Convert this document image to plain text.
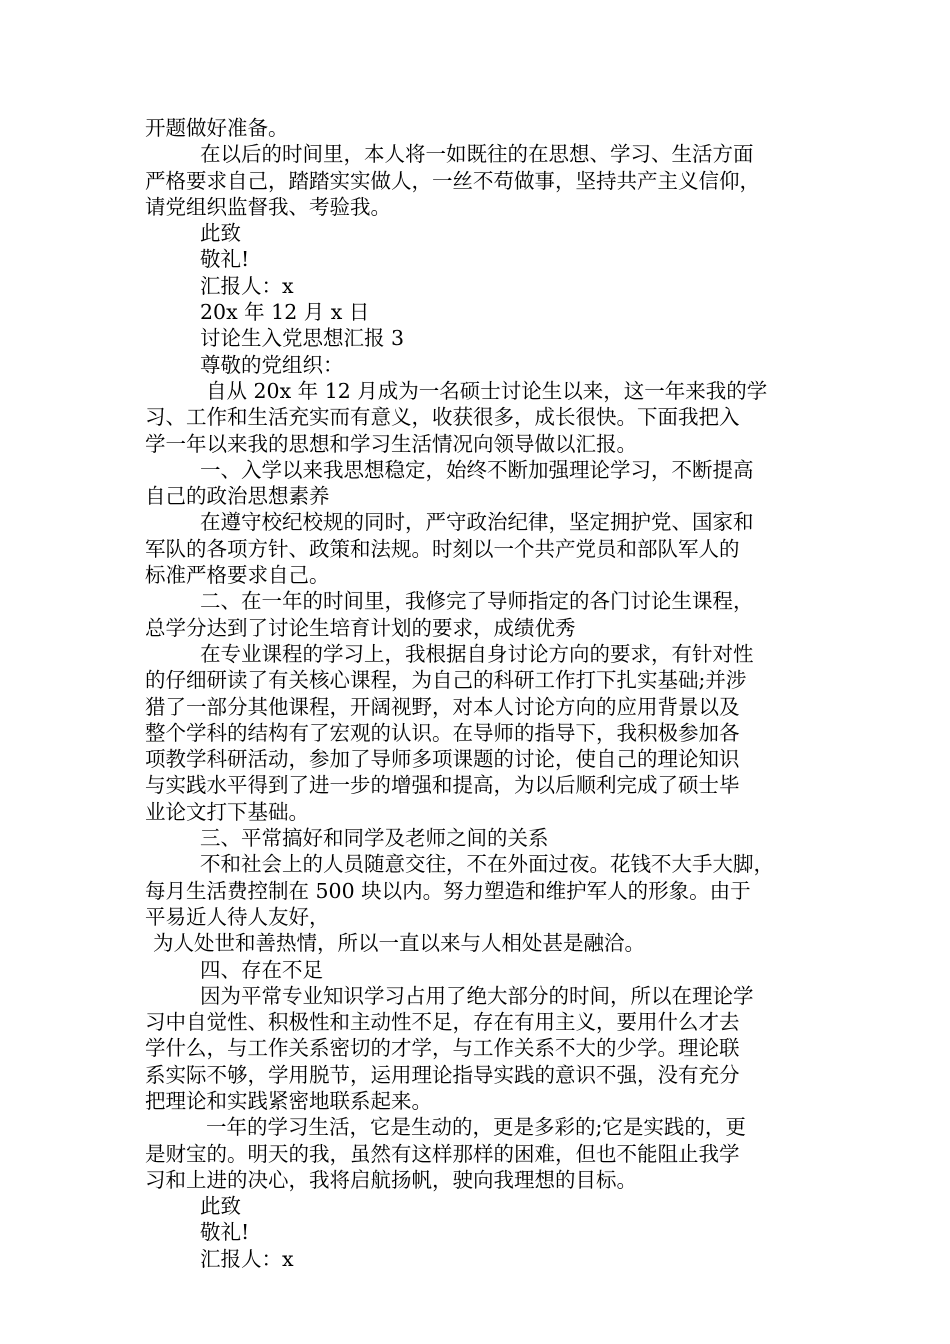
开题做好准备。
在以后的时间里，本人将一如既往的在思想、学习、生活方面
严格要求自己，踏踏实实做人，一丝不苟做事，坚持共产主义信仰，
请党组织监督我、考验我。
此致
敬礼!
汇报人：x
20x 年 12 月 x 日
讨论生入党思想汇报 3
尊敬的党组织：
自从 20x 年 12 月成为一名硕士讨论生以来，这一年来我的学
习、工作和生活充实而有意义，收获很多，成长很快。下面我把入
学一年以来我的思想和学习生活情况向领导做以汇报。
一、入学以来我思想稳定，始终不断加强理论学习，不断提高
自己的政治思想素养
在遵守校纪校规的同时，严守政治纪律，坚定拥护党、国家和
军队的各项方针、政策和法规。时刻以一个共产党员和部队军人的
标准严格要求自己。
二、在一年的时间里，我修完了导师指定的各门讨论生课程，
总学分达到了讨论生培育计划的要求，成绩优秀
在专业课程的学习上，我根据自身讨论方向的要求，有针对性
的仔细研读了有关核心课程，为自己的科研工作打下扎实基础;并涉
猎了一部分其他课程，开阔视野，对本人讨论方向的应用背景以及
整个学科的结构有了宏观的认识。在导师的指导下，我积极参加各
项教学科研活动，参加了导师多项课题的讨论，使自己的理论知识
与实践水平得到了进一步的增强和提高，为以后顺利完成了硕士毕
业论文打下基础。
三、平常搞好和同学及老师之间的关系
不和社会上的人员随意交往，不在外面过夜。花钱不大手大脚，
每月生活费控制在 500 块以内。努力塑造和维护军人的形象。由于
平易近人待人友好，
为人处世和善热情，所以一直以来与人相处甚是融洽。
四、存在不足
因为平常专业知识学习占用了绝大部分的时间，所以在理论学
习中自觉性、积极性和主动性不足，存在有用主义，要用什么才去
学什么，与工作关系密切的才学，与工作关系不大的少学。理论联
系实际不够，学用脱节，运用理论指导实践的意识不强，没有充分
把理论和实践紧密地联系起来。
一年的学习生活，它是生动的，更是多彩的;它是实践的，更
是财宝的。明天的我，虽然有这样那样的困难，但也不能阻止我学
习和上进的决心，我将启航扬帆，驶向我理想的目标。
此致
敬礼!
汇报人：x
